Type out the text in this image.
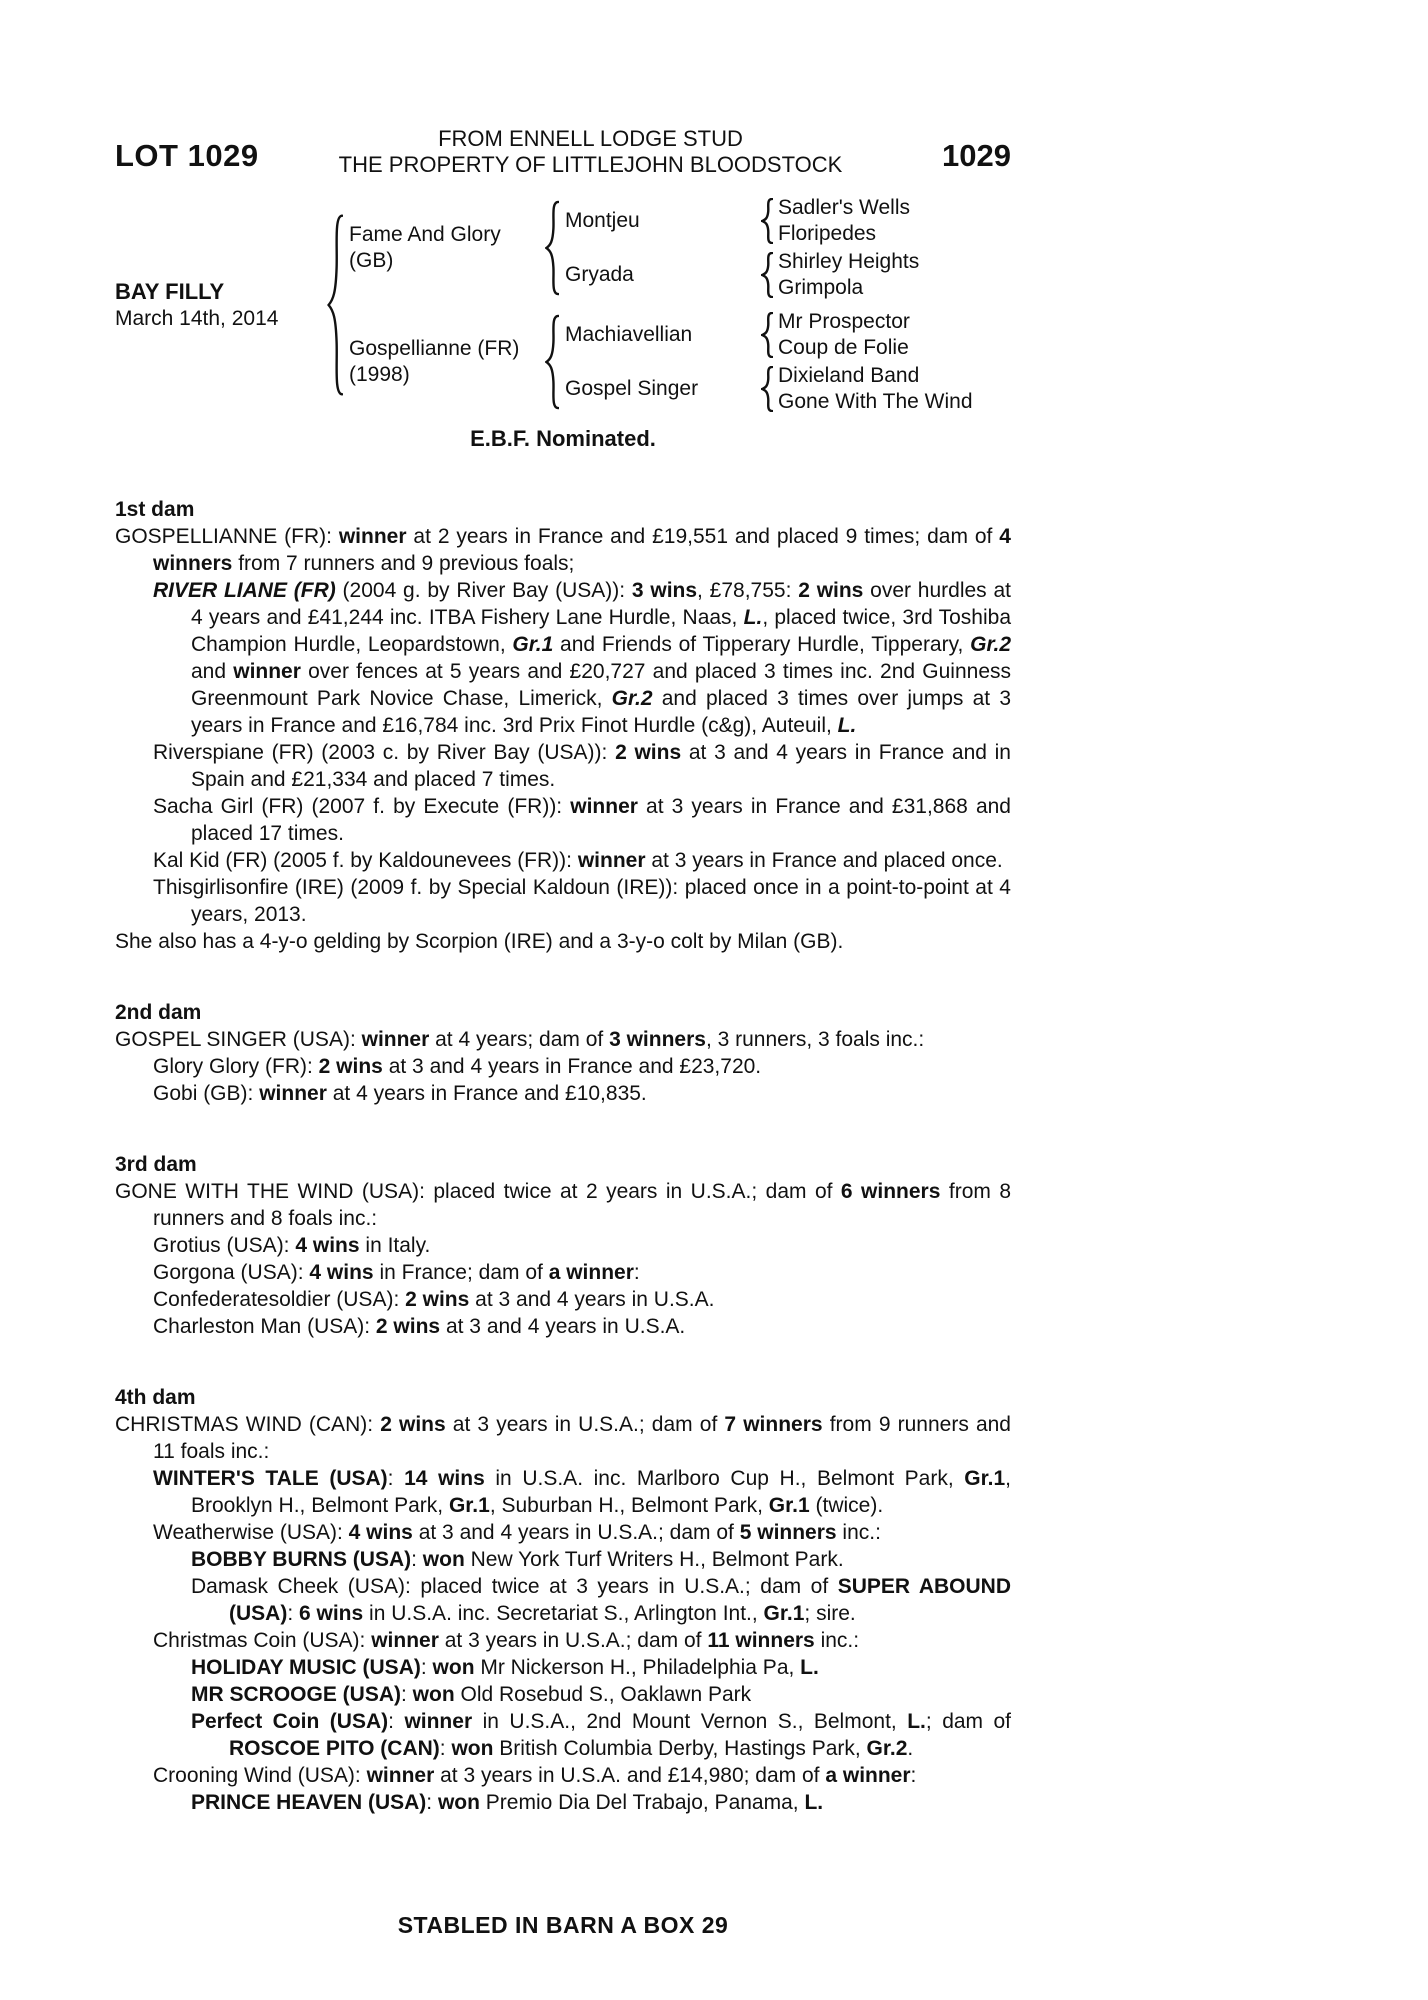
LOT 1029	FROM ENNELL LODGE STUD
THE PROPERTY OF LITTLEJOHN BLOODSTOCK	1029
BAY FILLY
March 14th, 2014
Fame And Glory
(GB)
Montjeu
Sadler's Wells
Floripedes
Gryada
Shirley Heights
Grimpola
Gospellianne (FR)
(1998)
Machiavellian
Mr Prospector
Coup de Folie
Gospel Singer
Dixieland Band
Gone With The Wind
E.B.F. Nominated.
1st dam

GOSPELLIANNE (FR): winner at 2 years in France and £19,551 and placed 9 times; dam of 4 winners from 7 runners and 9 previous foals;

RIVER LIANE (FR) (2004 g. by River Bay (USA)): 3 wins, £78,755: 2 wins over hurdles at 4 years and £41,244 inc. ITBA Fishery Lane Hurdle, Naas, L., placed twice, 3rd Toshiba Champion Hurdle, Leopardstown, Gr.1 and Friends of Tipperary Hurdle, Tipperary, Gr.2 and winner over fences at 5 years and £20,727 and placed 3 times inc. 2nd Guinness Greenmount Park Novice Chase, Limerick, Gr.2 and placed 3 times over jumps at 3 years in France and £16,784 inc. 3rd Prix Finot Hurdle (c&g), Auteuil, L.

Riverspiane (FR) (2003 c. by River Bay (USA)): 2 wins at 3 and 4 years in France and in Spain and £21,334 and placed 7 times.

Sacha Girl (FR) (2007 f. by Execute (FR)): winner at 3 years in France and £31,868 and placed 17 times.

Kal Kid (FR) (2005 f. by Kaldounevees (FR)): winner at 3 years in France and placed once.

Thisgirlisonfire (IRE) (2009 f. by Special Kaldoun (IRE)): placed once in a point-to-point at 4 years, 2013.

She also has a 4-y-o gelding by Scorpion (IRE) and a 3-y-o colt by Milan (GB).

2nd dam

GOSPEL SINGER (USA): winner at 4 years; dam of 3 winners, 3 runners, 3 foals inc.:

Glory Glory (FR): 2 wins at 3 and 4 years in France and £23,720.

Gobi (GB): winner at 4 years in France and £10,835.

3rd dam

GONE WITH THE WIND (USA): placed twice at 2 years in U.S.A.; dam of 6 winners from 8 runners and 8 foals inc.:

Grotius (USA): 4 wins in Italy.

Gorgona (USA): 4 wins in France; dam of a winner:

Confederatesoldier (USA): 2 wins at 3 and 4 years in U.S.A.

Charleston Man (USA): 2 wins at 3 and 4 years in U.S.A.

4th dam

CHRISTMAS WIND (CAN): 2 wins at 3 years in U.S.A.; dam of 7 winners from 9 runners and 11 foals inc.:

WINTER'S TALE (USA): 14 wins in U.S.A. inc. Marlboro Cup H., Belmont Park, Gr.1, Brooklyn H., Belmont Park, Gr.1, Suburban H., Belmont Park, Gr.1 (twice).

Weatherwise (USA): 4 wins at 3 and 4 years in U.S.A.; dam of 5 winners inc.:

BOBBY BURNS (USA): won New York Turf Writers H., Belmont Park.

Damask Cheek (USA): placed twice at 3 years in U.S.A.; dam of SUPER ABOUND (USA): 6 wins in U.S.A. inc. Secretariat S., Arlington Int., Gr.1; sire.

Christmas Coin (USA): winner at 3 years in U.S.A.; dam of 11 winners inc.:

HOLIDAY MUSIC (USA): won Mr Nickerson H., Philadelphia Pa, L.

MR SCROOGE (USA): won Old Rosebud S., Oaklawn Park

Perfect Coin (USA): winner in U.S.A., 2nd Mount Vernon S., Belmont, L.; dam of ROSCOE PITO (CAN): won British Columbia Derby, Hastings Park, Gr.2.

Crooning Wind (USA): winner at 3 years in U.S.A. and £14,980; dam of a winner:

PRINCE HEAVEN (USA): won Premio Dia Del Trabajo, Panama, L.

STABLED IN BARN A BOX 29
